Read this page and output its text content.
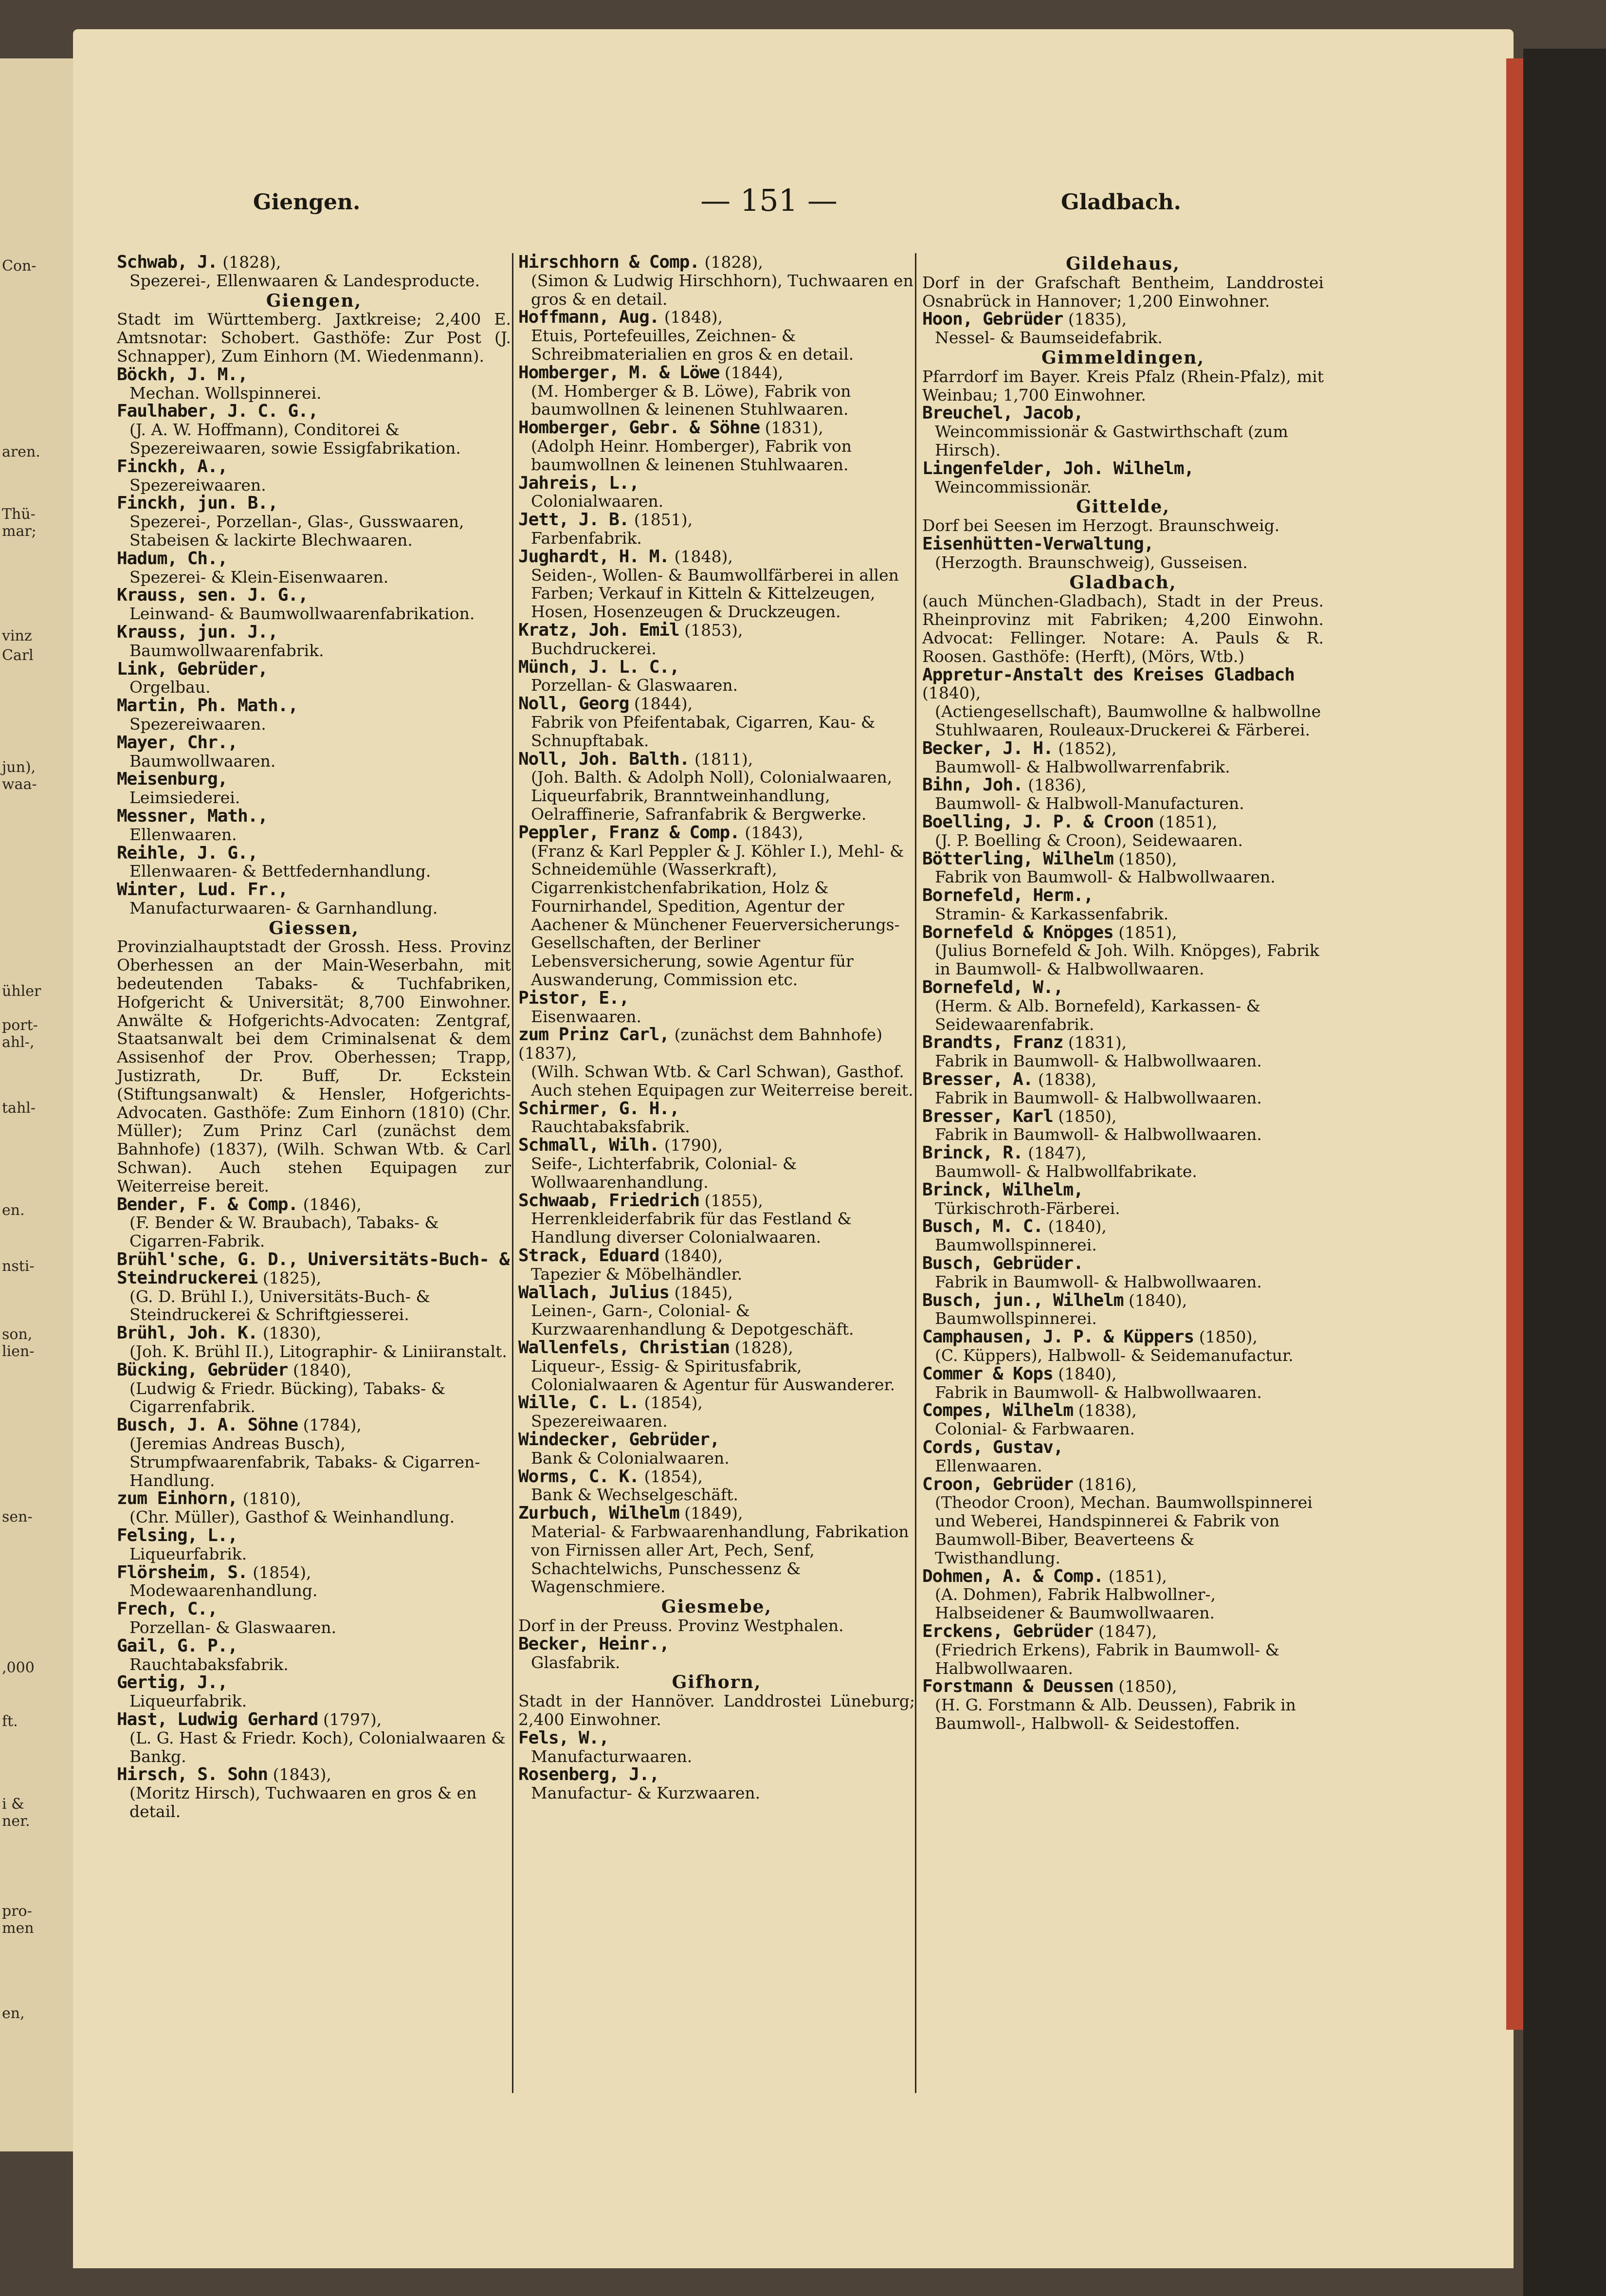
Con-
aren.
Thü-
mar;
vinz
Carl
jun),
waa-
ühler
port-
ahl-,
tahl-
en.
nsti-
son,
lien-
sen-
,000
ft.
i &
ner.
pro-
men
en,
Giengen.	— 151 —	Gladbach.
Schwab, J. (1828),
Spezerei-, Ellenwaaren & Landesproducte.
Giengen,
Stadt im Württemberg. Jaxtkreise; 2,400 E. Amtsnotar: Schobert. Gasthöfe: Zur Post (J. Schnapper), Zum Einhorn (M. Wiedenmann).
Böckh, J. M.,
Mechan. Wollspinnerei.
Faulhaber, J. C. G.,
(J. A. W. Hoffmann), Conditorei & Spezereiwaaren, sowie Essigfabrikation.
Finckh, A.,
Spezereiwaaren.
Finckh, jun. B.,
Spezerei-, Porzellan-, Glas-, Gusswaaren, Stabeisen & lackirte Blechwaaren.
Hadum, Ch.,
Spezerei- & Klein-Eisenwaaren.
Krauss, sen. J. G.,
Leinwand- & Baumwollwaarenfabrikation.
Krauss, jun. J.,
Baumwollwaarenfabrik.
Link, Gebrüder,
Orgelbau.
Martin, Ph. Math.,
Spezereiwaaren.
Mayer, Chr.,
Baumwollwaaren.
Meisenburg,
Leimsiederei.
Messner, Math.,
Ellenwaaren.
Reihle, J. G.,
Ellenwaaren- & Bettfedernhandlung.
Winter, Lud. Fr.,
Manufacturwaaren- & Garnhandlung.
Giessen,
Provinzialhauptstadt der Grossh. Hess. Provinz Oberhessen an der Main-Weserbahn, mit bedeutenden Tabaks- & Tuchfabriken, Hofgericht & Universität; 8,700 Einwohner. Anwälte & Hofgerichts-Advocaten: Zentgraf, Staatsanwalt bei dem Criminalsenat & dem Assisenhof der Prov. Oberhessen; Trapp, Justizrath, Dr. Buff, Dr. Eckstein (Stiftungsanwalt) & Hensler, Hofgerichts-Advocaten. Gasthöfe: Zum Einhorn (1810) (Chr. Müller); Zum Prinz Carl (zunächst dem Bahnhofe) (1837), (Wilh. Schwan Wtb. & Carl Schwan). Auch stehen Equipagen zur Weiterreise bereit.
Bender, F. & Comp. (1846),
(F. Bender & W. Braubach), Tabaks- & Cigarren-Fabrik.
Brühl'sche, G. D., Universitäts-Buch- & Steindruckerei (1825),
(G. D. Brühl I.), Universitäts-Buch- & Steindruckerei & Schriftgiesserei.
Brühl, Joh. K. (1830),
(Joh. K. Brühl II.), Litographir- & Liniiranstalt.
Bücking, Gebrüder (1840),
(Ludwig & Friedr. Bücking), Tabaks- & Cigarrenfabrik.
Busch, J. A. Söhne (1784),
(Jeremias Andreas Busch), Strumpfwaarenfabrik, Tabaks- & Cigarren-Handlung.
zum Einhorn, (1810),
(Chr. Müller), Gasthof & Weinhandlung.
Felsing, L.,
Liqueurfabrik.
Flörsheim, S. (1854),
Modewaarenhandlung.
Frech, C.,
Porzellan- & Glaswaaren.
Gail, G. P.,
Rauchtabaksfabrik.
Gertig, J.,
Liqueurfabrik.
Hast, Ludwig Gerhard (1797),
(L. G. Hast & Friedr. Koch), Colonialwaaren & Bankg.
Hirsch, S. Sohn (1843),
(Moritz Hirsch), Tuchwaaren en gros & en detail.
Hirschhorn & Comp. (1828),
(Simon & Ludwig Hirschhorn), Tuchwaaren en gros & en detail.
Hoffmann, Aug. (1848),
Etuis, Portefeuilles, Zeichnen- & Schreibmaterialien en gros & en detail.
Homberger, M. & Löwe (1844),
(M. Homberger & B. Löwe), Fabrik von baumwollnen & leinenen Stuhlwaaren.
Homberger, Gebr. & Söhne (1831),
(Adolph Heinr. Homberger), Fabrik von baumwollnen & leinenen Stuhlwaaren.
Jahreis, L.,
Colonialwaaren.
Jett, J. B. (1851),
Farbenfabrik.
Jughardt, H. M. (1848),
Seiden-, Wollen- & Baumwollfärberei in allen Farben; Verkauf in Kitteln & Kittelzeugen, Hosen, Hosenzeugen & Druckzeugen.
Kratz, Joh. Emil (1853),
Buchdruckerei.
Münch, J. L. C.,
Porzellan- & Glaswaaren.
Noll, Georg (1844),
Fabrik von Pfeifentabak, Cigarren, Kau- & Schnupftabak.
Noll, Joh. Balth. (1811),
(Joh. Balth. & Adolph Noll), Colonialwaaren, Liqueurfabrik, Branntweinhandlung, Oelraffinerie, Safranfabrik & Bergwerke.
Peppler, Franz & Comp. (1843),
(Franz & Karl Peppler & J. Köhler I.), Mehl- & Schneidemühle (Wasserkraft), Cigarrenkistchenfabrikation, Holz & Fournirhandel, Spedition, Agentur der Aachener & Münchener Feuerversicherungs-Gesellschaften, der Berliner Lebensversicherung, sowie Agentur für Auswanderung, Commission etc.
Pistor, E.,
Eisenwaaren.
zum Prinz Carl, (zunächst dem Bahnhofe) (1837),
(Wilh. Schwan Wtb. & Carl Schwan), Gasthof. Auch stehen Equipagen zur Weiterreise bereit.
Schirmer, G. H.,
Rauchtabaksfabrik.
Schmall, Wilh. (1790),
Seife-, Lichterfabrik, Colonial- & Wollwaarenhandlung.
Schwaab, Friedrich (1855),
Herrenkleiderfabrik für das Festland & Handlung diverser Colonialwaaren.
Strack, Eduard (1840),
Tapezier & Möbelhändler.
Wallach, Julius (1845),
Leinen-, Garn-, Colonial- & Kurzwaarenhandlung & Depotgeschäft.
Wallenfels, Christian (1828),
Liqueur-, Essig- & Spiritusfabrik, Colonialwaaren & Agentur für Auswanderer.
Wille, C. L. (1854),
Spezereiwaaren.
Windecker, Gebrüder,
Bank & Colonialwaaren.
Worms, C. K. (1854),
Bank & Wechselgeschäft.
Zurbuch, Wilhelm (1849),
Material- & Farbwaarenhandlung, Fabrikation von Firnissen aller Art, Pech, Senf, Schachtelwichs, Punschessenz & Wagenschmiere.
Giesmebe,
Dorf in der Preuss. Provinz Westphalen.
Becker, Heinr.,
Glasfabrik.
Gifhorn,
Stadt in der Hannöver. Landdrostei Lüneburg; 2,400 Einwohner.
Fels, W.,
Manufacturwaaren.
Rosenberg, J.,
Manufactur- & Kurzwaaren.
Gildehaus,
Dorf in der Grafschaft Bentheim, Landdrostei Osnabrück in Hannover; 1,200 Einwohner.
Hoon, Gebrüder (1835),
Nessel- & Baumseidefabrik.
Gimmeldingen,
Pfarrdorf im Bayer. Kreis Pfalz (Rhein-Pfalz), mit Weinbau; 1,700 Einwohner.
Breuchel, Jacob,
Weincommissionär & Gastwirthschaft (zum Hirsch).
Lingenfelder, Joh. Wilhelm,
Weincommissionär.
Gittelde,
Dorf bei Seesen im Herzogt. Braunschweig.
Eisenhütten-Verwaltung,
(Herzogth. Braunschweig), Gusseisen.
Gladbach,
(auch München-Gladbach), Stadt in der Preus. Rheinprovinz mit Fabriken; 4,200 Einwohn. Advocat: Fellinger. Notare: A. Pauls & R. Roosen. Gasthöfe: (Herft), (Mörs, Wtb.)
Appretur-Anstalt des Kreises Gladbach (1840),
(Actiengesellschaft), Baumwollne & halbwollne Stuhlwaaren, Rouleaux-Druckerei & Färberei.
Becker, J. H. (1852),
Baumwoll- & Halbwollwarrenfabrik.
Bihn, Joh. (1836),
Baumwoll- & Halbwoll-Manufacturen.
Boelling, J. P. & Croon (1851),
(J. P. Boelling & Croon), Seidewaaren.
Bötterling, Wilhelm (1850),
Fabrik von Baumwoll- & Halbwollwaaren.
Bornefeld, Herm.,
Stramin- & Karkassenfabrik.
Bornefeld & Knöpges (1851),
(Julius Bornefeld & Joh. Wilh. Knöpges), Fabrik in Baumwoll- & Halbwollwaaren.
Bornefeld, W.,
(Herm. & Alb. Bornefeld), Karkassen- & Seidewaarenfabrik.
Brandts, Franz (1831),
Fabrik in Baumwoll- & Halbwollwaaren.
Bresser, A. (1838),
Fabrik in Baumwoll- & Halbwollwaaren.
Bresser, Karl (1850),
Fabrik in Baumwoll- & Halbwollwaaren.
Brinck, R. (1847),
Baumwoll- & Halbwollfabrikate.
Brinck, Wilhelm,
Türkischroth-Färberei.
Busch, M. C. (1840),
Baumwollspinnerei.
Busch, Gebrüder.
Fabrik in Baumwoll- & Halbwollwaaren.
Busch, jun., Wilhelm (1840),
Baumwollspinnerei.
Camphausen, J. P. & Küppers (1850),
(C. Küppers), Halbwoll- & Seidemanufactur.
Commer & Kops (1840),
Fabrik in Baumwoll- & Halbwollwaaren.
Compes, Wilhelm (1838),
Colonial- & Farbwaaren.
Cords, Gustav,
Ellenwaaren.
Croon, Gebrüder (1816),
(Theodor Croon), Mechan. Baumwollspinnerei und Weberei, Handspinnerei & Fabrik von Baumwoll-Biber, Beaverteens & Twisthandlung.
Dohmen, A. & Comp. (1851),
(A. Dohmen), Fabrik Halbwollner-, Halbseidener & Baumwollwaaren.
Erckens, Gebrüder (1847),
(Friedrich Erkens), Fabrik in Baumwoll- & Halbwollwaaren.
Forstmann & Deussen (1850),
(H. G. Forstmann & Alb. Deussen), Fabrik in Baumwoll-, Halbwoll- & Seidestoffen.
